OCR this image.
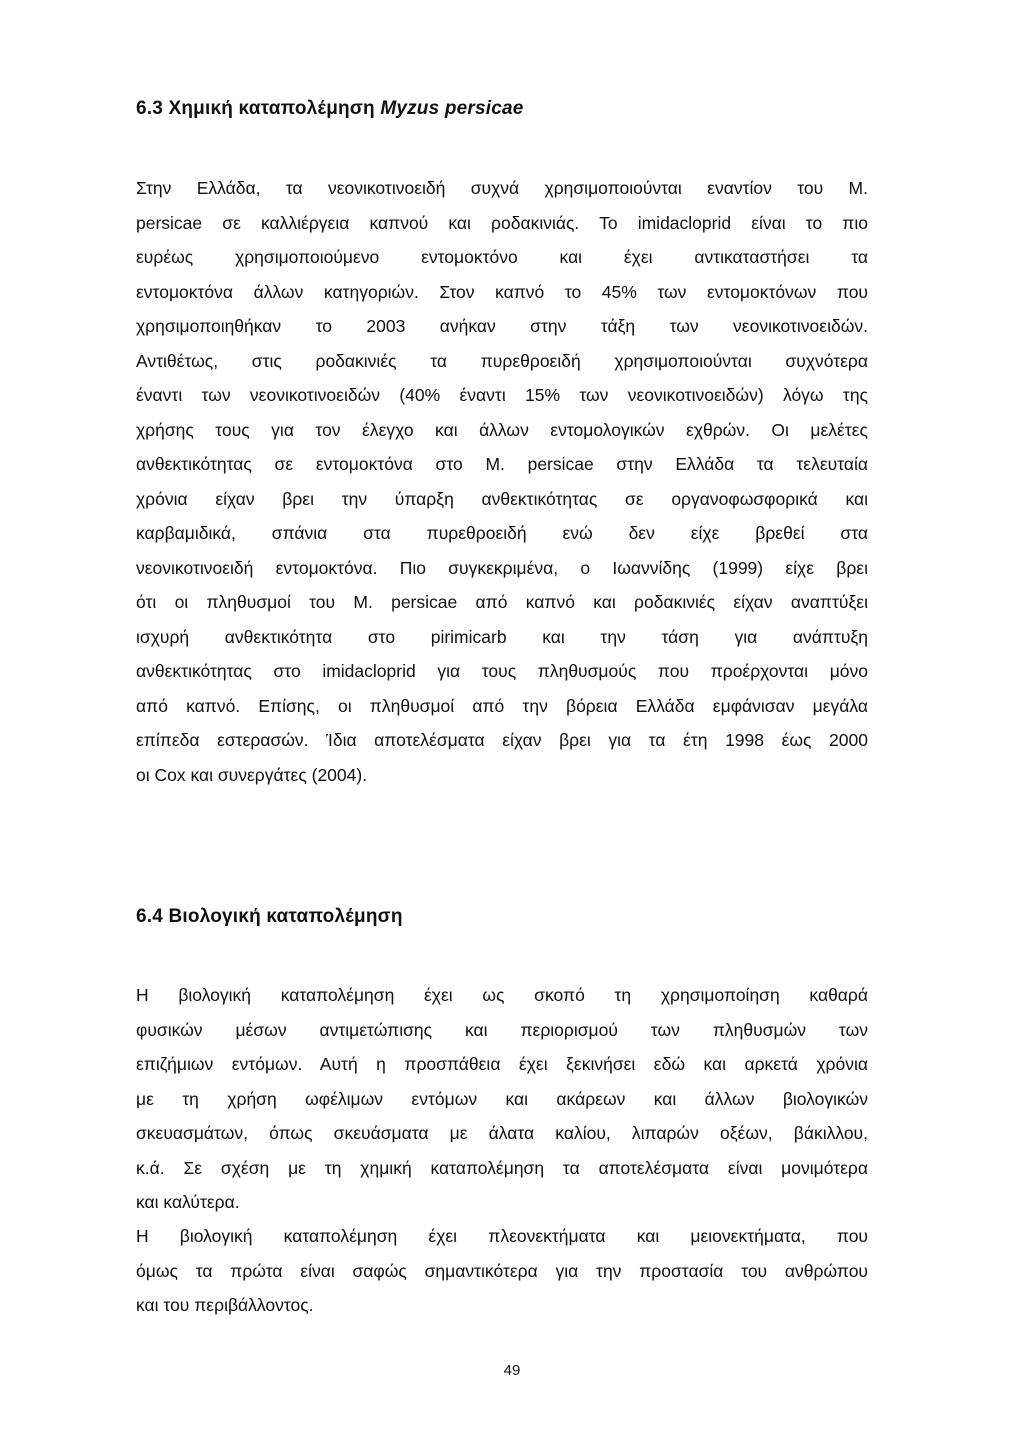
6.3 Χημική καταπολέμηση Myzus persicae
Στην Ελλάδα, τα νεονικοτινοειδή συχνά χρησιμοποιούνται εναντίον του Μ.
persicae σε καλλιέργεια καπνού και ροδακινιάς. Το imidacloprid είναι το πιο
ευρέως χρησιμοποιούμενο εντομοκτόνο και έχει αντικαταστήσει τα
εντομοκτόνα άλλων κατηγοριών. Στον καπνό το 45% των εντομοκτόνων που
χρησιμοποιηθήκαν το 2003 ανήκαν στην τάξη των νεονικοτινοειδών.
Αντιθέτως, στις ροδακινιές τα πυρεθροειδή χρησιμοποιούνται συχνότερα
έναντι των νεονικοτινοειδών (40% έναντι 15% των νεονικοτινοειδών) λόγω της
χρήσης τους για τον έλεγχο και άλλων εντομολογικών εχθρών. Οι μελέτες
ανθεκτικότητας σε εντομοκτόνα στο Μ. persicae στην Ελλάδα τα τελευταία
χρόνια είχαν βρει την ύπαρξη ανθεκτικότητας σε οργανοφωσφορικά και
καρβαμιδικά, σπάνια στα πυρεθροειδή ενώ δεν είχε βρεθεί στα
νεονικοτινοειδή εντομοκτόνα. Πιο συγκεκριμένα, ο Ιωαννίδης (1999) είχε βρει
ότι οι πληθυσμοί του Μ. persicae από καπνό και ροδακινιές είχαν αναπτύξει
ισχυρή ανθεκτικότητα στο pirimicarb και την τάση για ανάπτυξη
ανθεκτικότητας στο imidacloprid για τους πληθυσμούς που προέρχονται μόνο
από καπνό. Επίσης, οι πληθυσμοί από την βόρεια Ελλάδα εμφάνισαν μεγάλα
επίπεδα εστερασών. Ίδια αποτελέσματα είχαν βρει για τα έτη 1998 έως 2000
οι Cox και συνεργάτες (2004).
6.4 Βιολογική καταπολέμηση
Η βιολογική καταπολέμηση έχει ως σκοπό τη χρησιμοποίηση καθαρά
φυσικών μέσων αντιμετώπισης και περιορισμού των πληθυσμών των
επιζήμιων εντόμων. Αυτή η προσπάθεια έχει ξεκινήσει εδώ και αρκετά χρόνια
με τη χρήση ωφέλιμων εντόμων και ακάρεων και άλλων βιολογικών
σκευασμάτων, όπως σκευάσματα με άλατα καλίου, λιπαρών οξέων, βάκιλλου,
κ.ά. Σε σχέση με τη χημική καταπολέμηση τα αποτελέσματα είναι μονιμότερα
και καλύτερα.
Η βιολογική καταπολέμηση έχει πλεονεκτήματα και μειονεκτήματα, που
όμως τα πρώτα είναι σαφώς σημαντικότερα για την προστασία του ανθρώπου
και του περιβάλλοντος.
49
